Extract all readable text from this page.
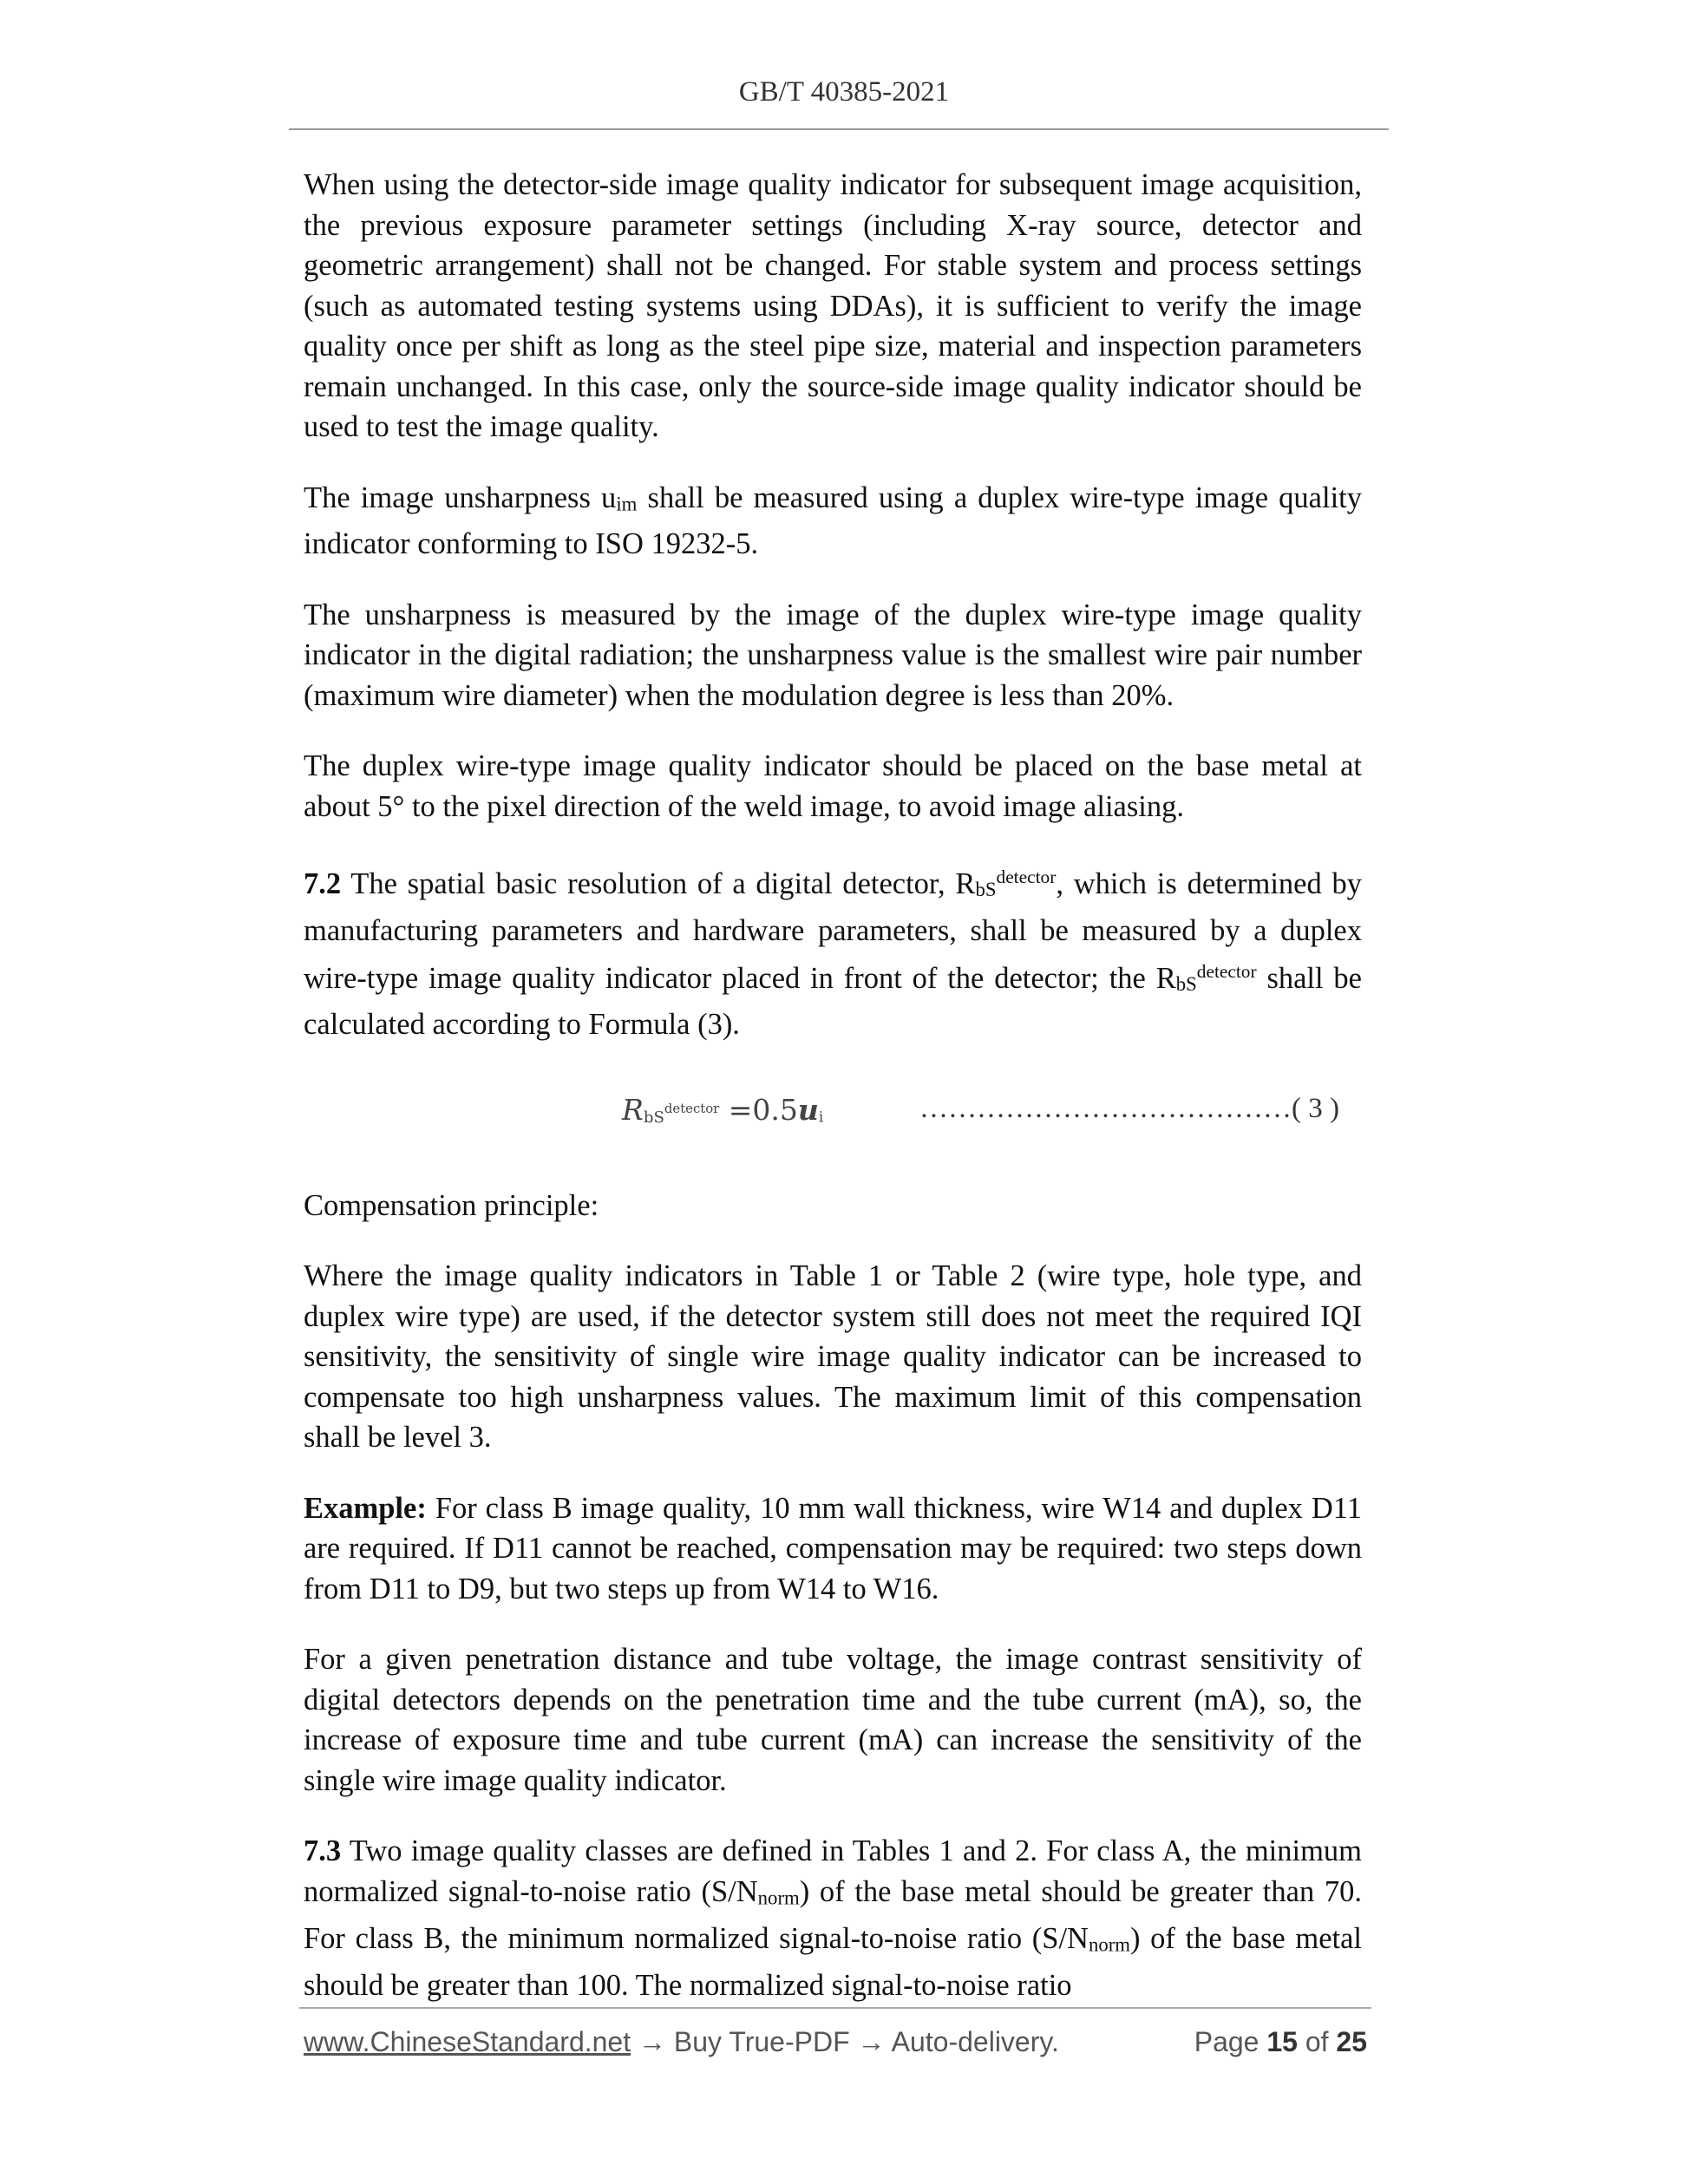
GB/T 40385-2021

When using the detector-side image quality indicator for subsequent image acquisition, the previous exposure parameter settings (including X-ray source, detector and geometric arrangement) shall not be changed. For stable system and process settings (such as automated testing systems using DDAs), it is sufficient to verify the image quality once per shift as long as the steel pipe size, material and inspection parameters remain unchanged. In this case, only the source-side image quality indicator should be used to test the image quality.

The image unsharpness uim shall be measured using a duplex wire-type image quality indicator conforming to ISO 19232-5.

The unsharpness is measured by the image of the duplex wire-type image quality indicator in the digital radiation; the unsharpness value is the smallest wire pair number (maximum wire diameter) when the modulation degree is less than 20%.

The duplex wire-type image quality indicator should be placed on the base metal at about 5° to the pixel direction of the weld image, to avoid image aliasing.

7.2 The spatial basic resolution of a digital detector, RbS$^{detector}$, which is determined by manufacturing parameters and hardware parameters, shall be measured by a duplex wire-type image quality indicator placed in front of the detector; the RbS$^{detector}$ shall be calculated according to Formula (3).

RbS$^{detector}$ =0.5ui	…………………………………( 3 )

Compensation principle:

Where the image quality indicators in Table 1 or Table 2 (wire type, hole type, and duplex wire type) are used, if the detector system still does not meet the required IQI sensitivity, the sensitivity of single wire image quality indicator can be increased to compensate too high unsharpness values. The maximum limit of this compensation shall be level 3.

Example: For class B image quality, 10 mm wall thickness, wire W14 and duplex D11 are required. If D11 cannot be reached, compensation may be required: two steps down from D11 to D9, but two steps up from W14 to W16.

For a given penetration distance and tube voltage, the image contrast sensitivity of digital detectors depends on the penetration time and the tube current (mA), so, the increase of exposure time and tube current (mA) can increase the sensitivity of the single wire image quality indicator.

7.3 Two image quality classes are defined in Tables 1 and 2. For class A, the minimum normalized signal-to-noise ratio (S/Nnorm) of the base metal should be greater than 70. For class B, the minimum normalized signal-to-noise ratio (S/Nnorm) of the base metal should be greater than 100. The normalized signal-to-noise ratio

www.ChineseStandard.net → Buy True-PDF → Auto-delivery.	Page 15 of 25
